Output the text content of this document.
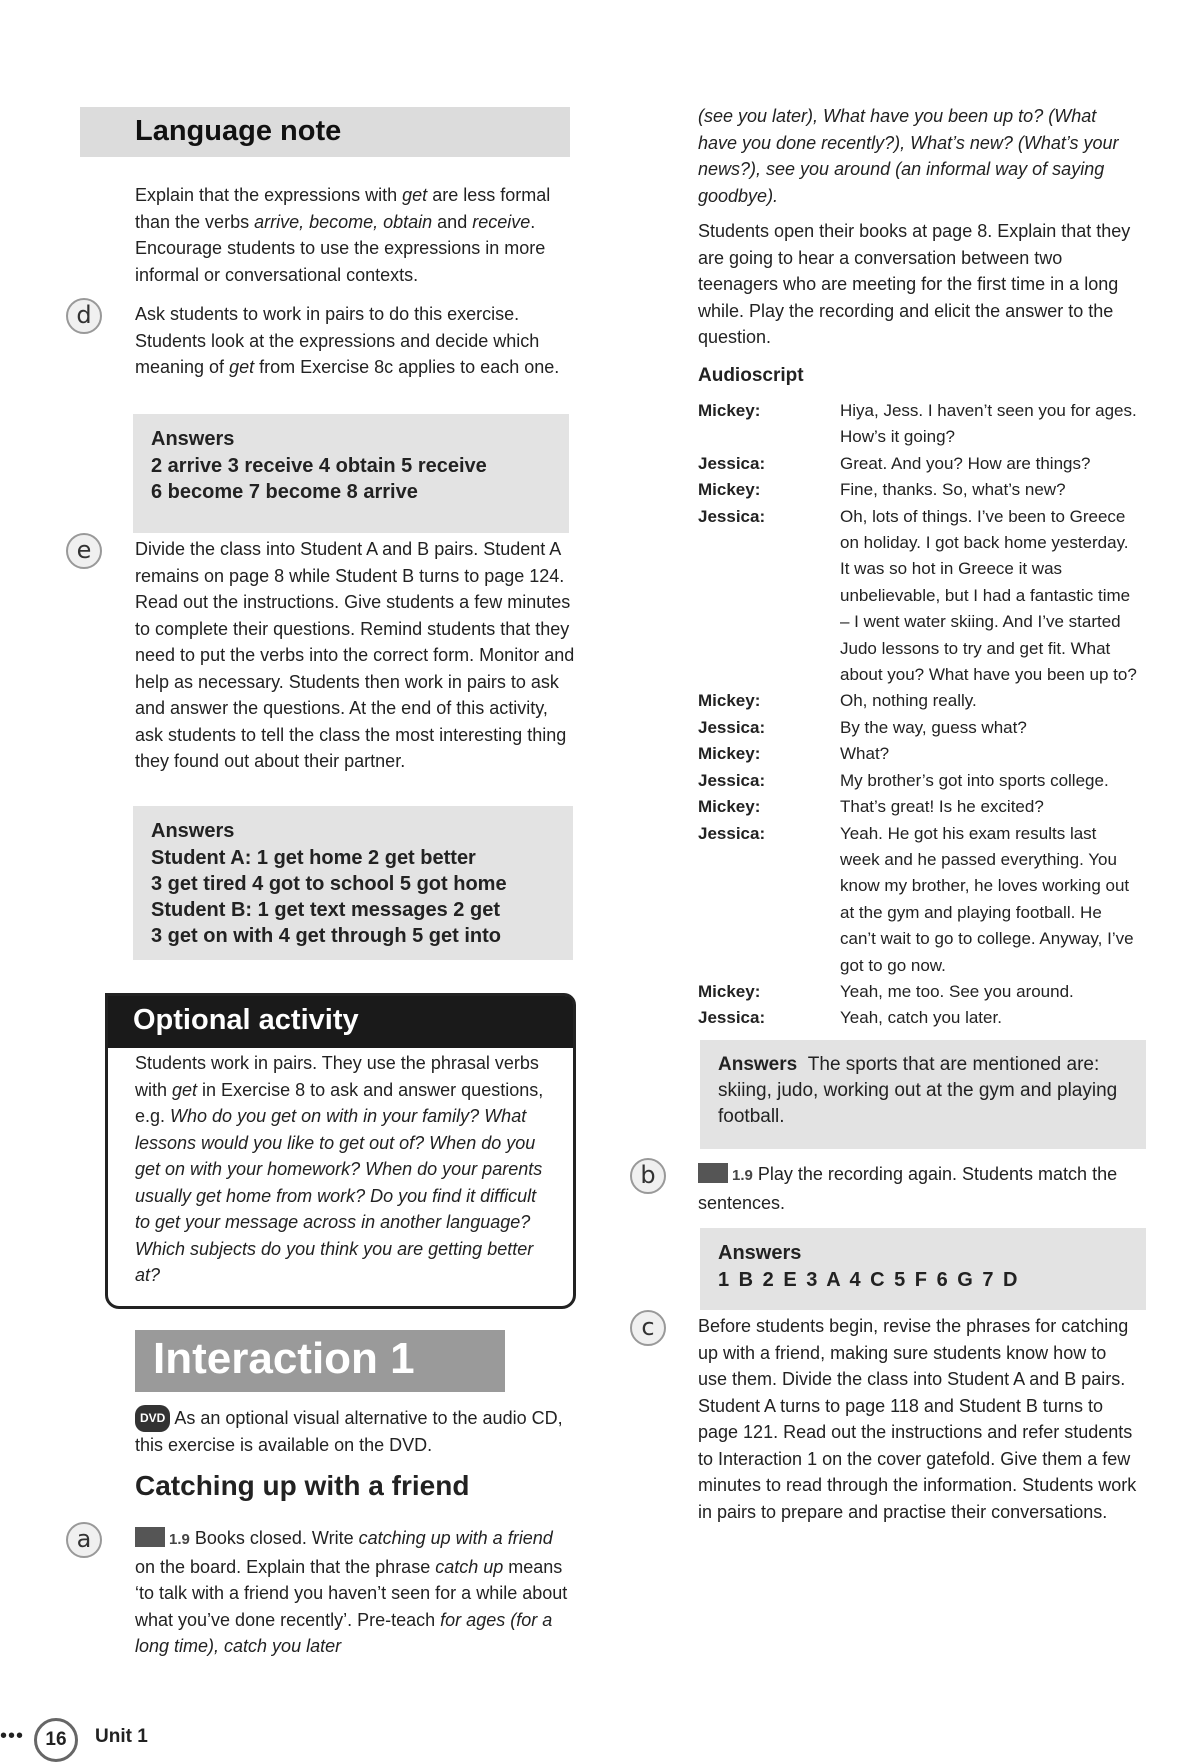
Language note

Explain that the expressions with get are less formal than the verbs arrive, become, obtain and receive. Encourage students to use the expressions in more informal or conversational contexts.

d	Ask students to work in pairs to do this exercise. Students look at the expressions and decide which meaning of get from Exercise 8c applies to each one.

Answers
2 arrive 3 receive 4 obtain 5 receive
6 become 7 become 8 arrive
e	Divide the class into Student A and B pairs. Student A remains on page 8 while Student B turns to page 124. Read out the instructions. Give students a few minutes to complete their questions. Remind students that they need to put the verbs into the correct form. Monitor and help as necessary. Students then work in pairs to ask and answer the questions. At the end of this activity, ask students to tell the class the most interesting thing they found out about their partner.

Answers
Student A: 1 get home 2 get better
3 get tired 4 got to school 5 got home
Student B: 1 get text messages 2 get
3 get on with 4 get through 5 get into
Optional activity

Students work in pairs. They use the phrasal verbs with get in Exercise 8 to ask and answer questions, e.g. Who do you get on with in your family? What lessons would you like to get out of? When do you get on with your homework? When do your parents usually get home from work? Do you find it difficult to get your message across in another language? Which subjects do you think you are getting better at?

Interaction 1

DVD As an optional visual alternative to the audio CD, this exercise is available on the DVD.

Catching up with a friend
a	1.9 Books closed. Write catching up with a friend on the board. Explain that the phrase catch up means ‘to talk with a friend you haven’t seen for a while about what you’ve done recently’. Pre-teach for ages (for a long time), catch you later

(see you later), What have you been up to? (What have you done recently?), What’s new? (What’s your news?), see you around (an informal way of saying goodbye).

Students open their books at page 8. Explain that they are going to hear a conversation between two teenagers who are meeting for the first time in a long while. Play the recording and elicit the answer to the question.

Audioscript
Mickey:	Hiya, Jess. I haven’t seen you for ages. How’s it going?
Jessica:	Great. And you? How are things?
Mickey:	Fine, thanks. So, what’s new?
Jessica:	Oh, lots of things. I’ve been to Greece on holiday. I got back home yesterday. It was so hot in Greece it was unbelievable, but I had a fantastic time – I went water skiing. And I’ve started Judo lessons to try and get fit. What about you? What have you been up to?
Mickey:	Oh, nothing really.
Jessica:	By the way, guess what?
Mickey:	What?
Jessica:	My brother’s got into sports college.
Mickey:	That’s great! Is he excited?
Jessica:	Yeah. He got his exam results last week and he passed everything. You know my brother, he loves working out at the gym and playing football. He can’t wait to go to college. Anyway, I’ve got to go now.
Mickey:	Yeah, me too. See you around.
Jessica:	Yeah, catch you later.
Answers The sports that are mentioned are: skiing, judo, working out at the gym and playing football.
b	1.9 Play the recording again. Students match the sentences.

Answers
1 B 2 E 3 A 4 C 5 F 6 G 7 D
c	Before students begin, revise the phrases for catching up with a friend, making sure students know how to use them. Divide the class into Student A and B pairs. Student A turns to page 118 and Student B turns to page 121. Read out the instructions and refer students to Interaction 1 on the cover gatefold. Give them a few minutes to read through the information. Students work in pairs to prepare and practise their conversations.

•••	16	Unit 1
